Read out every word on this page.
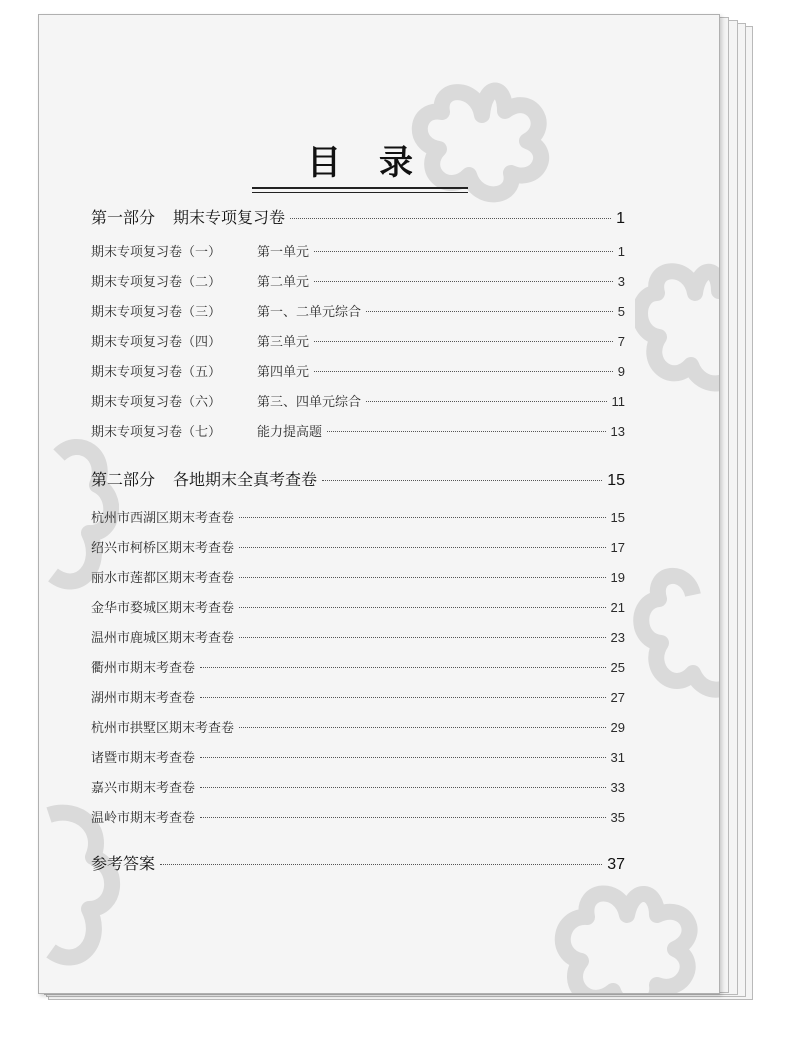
目录
第一部分 期末专项复习卷	1
期末专项复习卷（一）	第一单元	1
期末专项复习卷（二）	第二单元	3
期末专项复习卷（三）	第一、二单元综合	5
期末专项复习卷（四）	第三单元	7
期末专项复习卷（五）	第四单元	9
期末专项复习卷（六）	第三、四单元综合	11
期末专项复习卷（七）	能力提高题	13
第二部分 各地期末全真考查卷	15
杭州市西湖区期末考查卷	15
绍兴市柯桥区期末考查卷	17
丽水市莲都区期末考查卷	19
金华市婺城区期末考查卷	21
温州市鹿城区期末考查卷	23
衢州市期末考查卷	25
湖州市期末考查卷	27
杭州市拱墅区期末考查卷	29
诸暨市期末考查卷	31
嘉兴市期末考查卷	33
温岭市期末考查卷	35
参考答案	37
